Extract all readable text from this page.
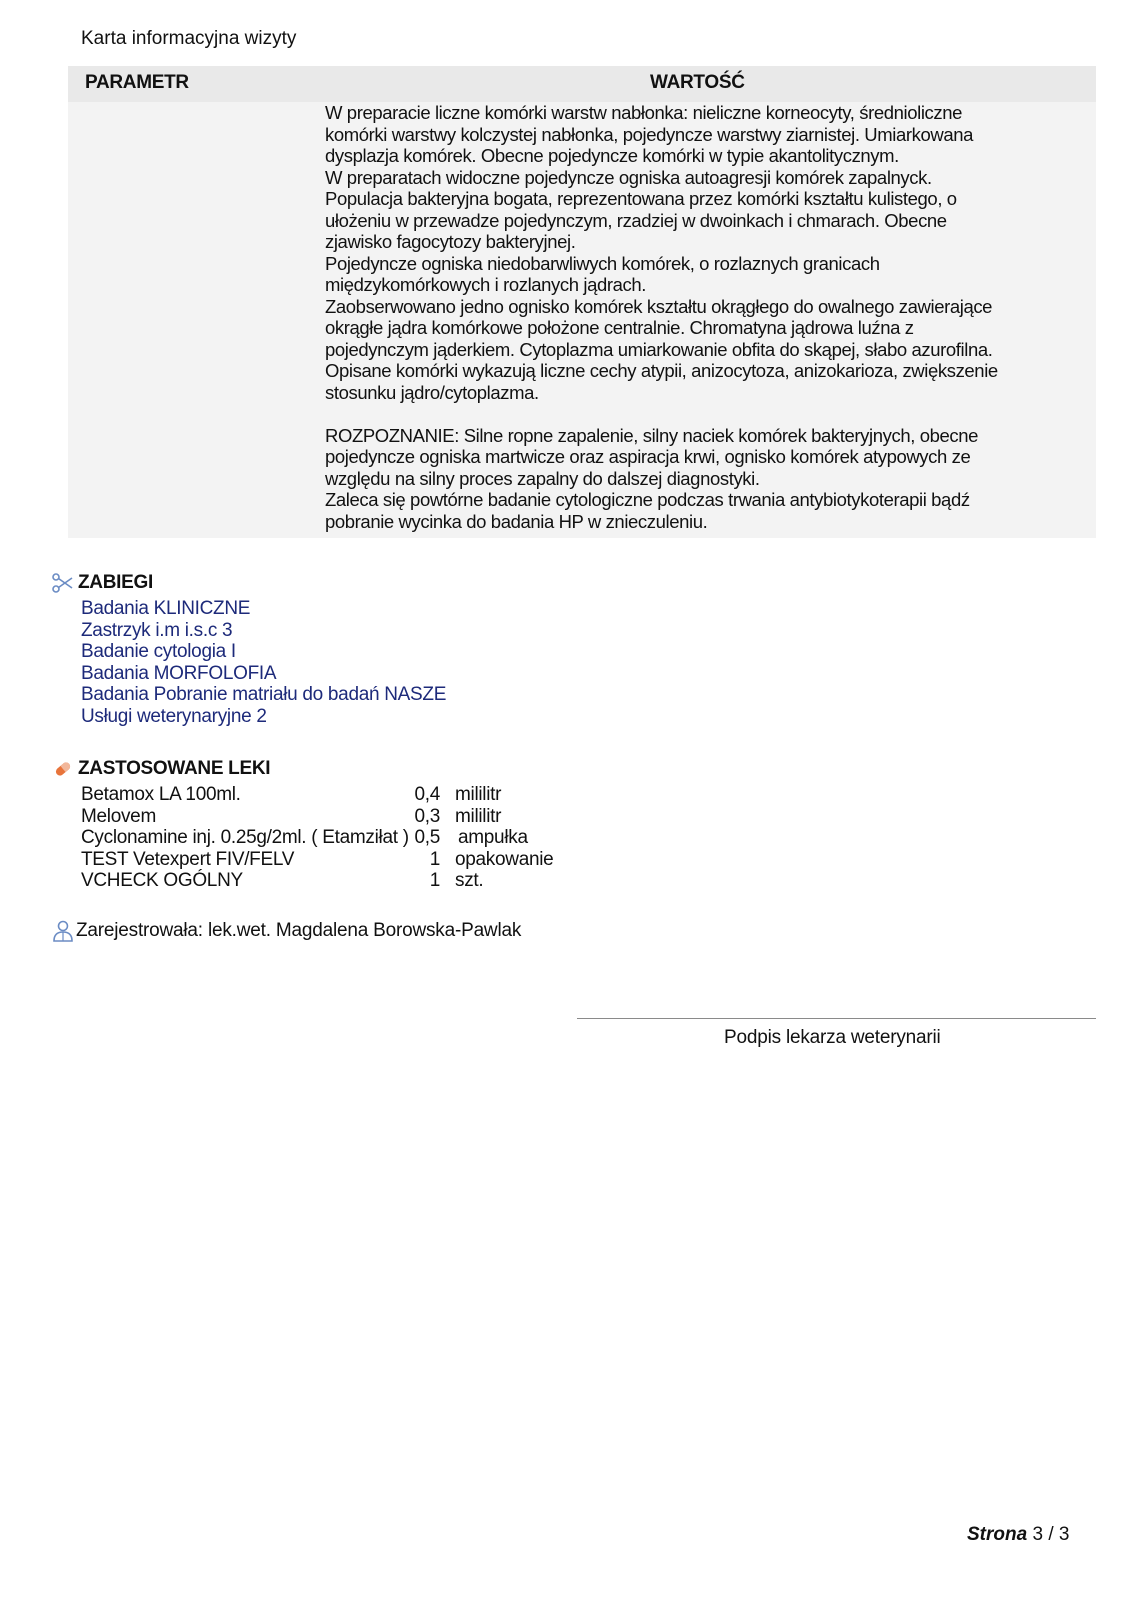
Karta informacyjna wizyty
PARAMETR	WARTOŚĆ

W preparacie liczne komórki warstw nabłonka: nieliczne korneocyty, średnioliczne

komórki warstwy kolczystej nabłonka, pojedyncze warstwy ziarnistej. Umiarkowana

dysplazja komórek. Obecne pojedyncze komórki w typie akantolitycznym.

W preparatach widoczne pojedyncze ogniska autoagresji komórek zapalnyck.

Populacja bakteryjna bogata, reprezentowana przez komórki kształtu kulistego, o

ułożeniu w przewadze pojedynczym, rzadziej w dwoinkach i chmarach. Obecne

zjawisko fagocytozy bakteryjnej.

Pojedyncze ogniska niedobarwliwych komórek, o rozlaznych granicach

międzykomórkowych i rozlanych jądrach.

Zaobserwowano jedno ognisko komórek kształtu okrągłego do owalnego zawierające

okrągłe jądra komórkowe położone centralnie. Chromatyna jądrowa luźna z

pojedynczym jąderkiem. Cytoplazma umiarkowanie obfita do skąpej, słabo azurofilna.

Opisane komórki wykazują liczne cechy atypii, anizocytoza, anizokarioza, zwiększenie

stosunku jądro/cytoplazma.

ROZPOZNANIE: Silne ropne zapalenie, silny naciek komórek bakteryjnych, obecne

pojedyncze ogniska martwicze oraz aspiracja krwi, ognisko komórek atypowych ze

względu na silny proces zapalny do dalszej diagnostyki.

Zaleca się powtórne badanie cytologiczne podczas trwania antybiotykoterapii bądź

pobranie wycinka do badania HP w znieczuleniu.

ZABIEGI
Badania KLINICZNE
Zastrzyk i.m i.s.c 3
Badanie cytologia I
Badania MORFOLOFIA
Badania Pobranie matriału do badań NASZE
Usługi weterynaryjne 2
ZASTOSOWANE LEKI
Betamox LA 100ml.	0,4 mililitr
Melovem	0,3 mililitr
Cyclonamine inj. 0.25g/2ml. ( Etamziłat ) 0,5 ampułka
TEST Vetexpert FIV/FELV	1 opakowanie
VCHECK OGÓLNY	1 szt.
Zarejestrowała: lek.wet. Magdalena Borowska-Pawlak
Podpis lekarza weterynarii
Strona 3 / 3
